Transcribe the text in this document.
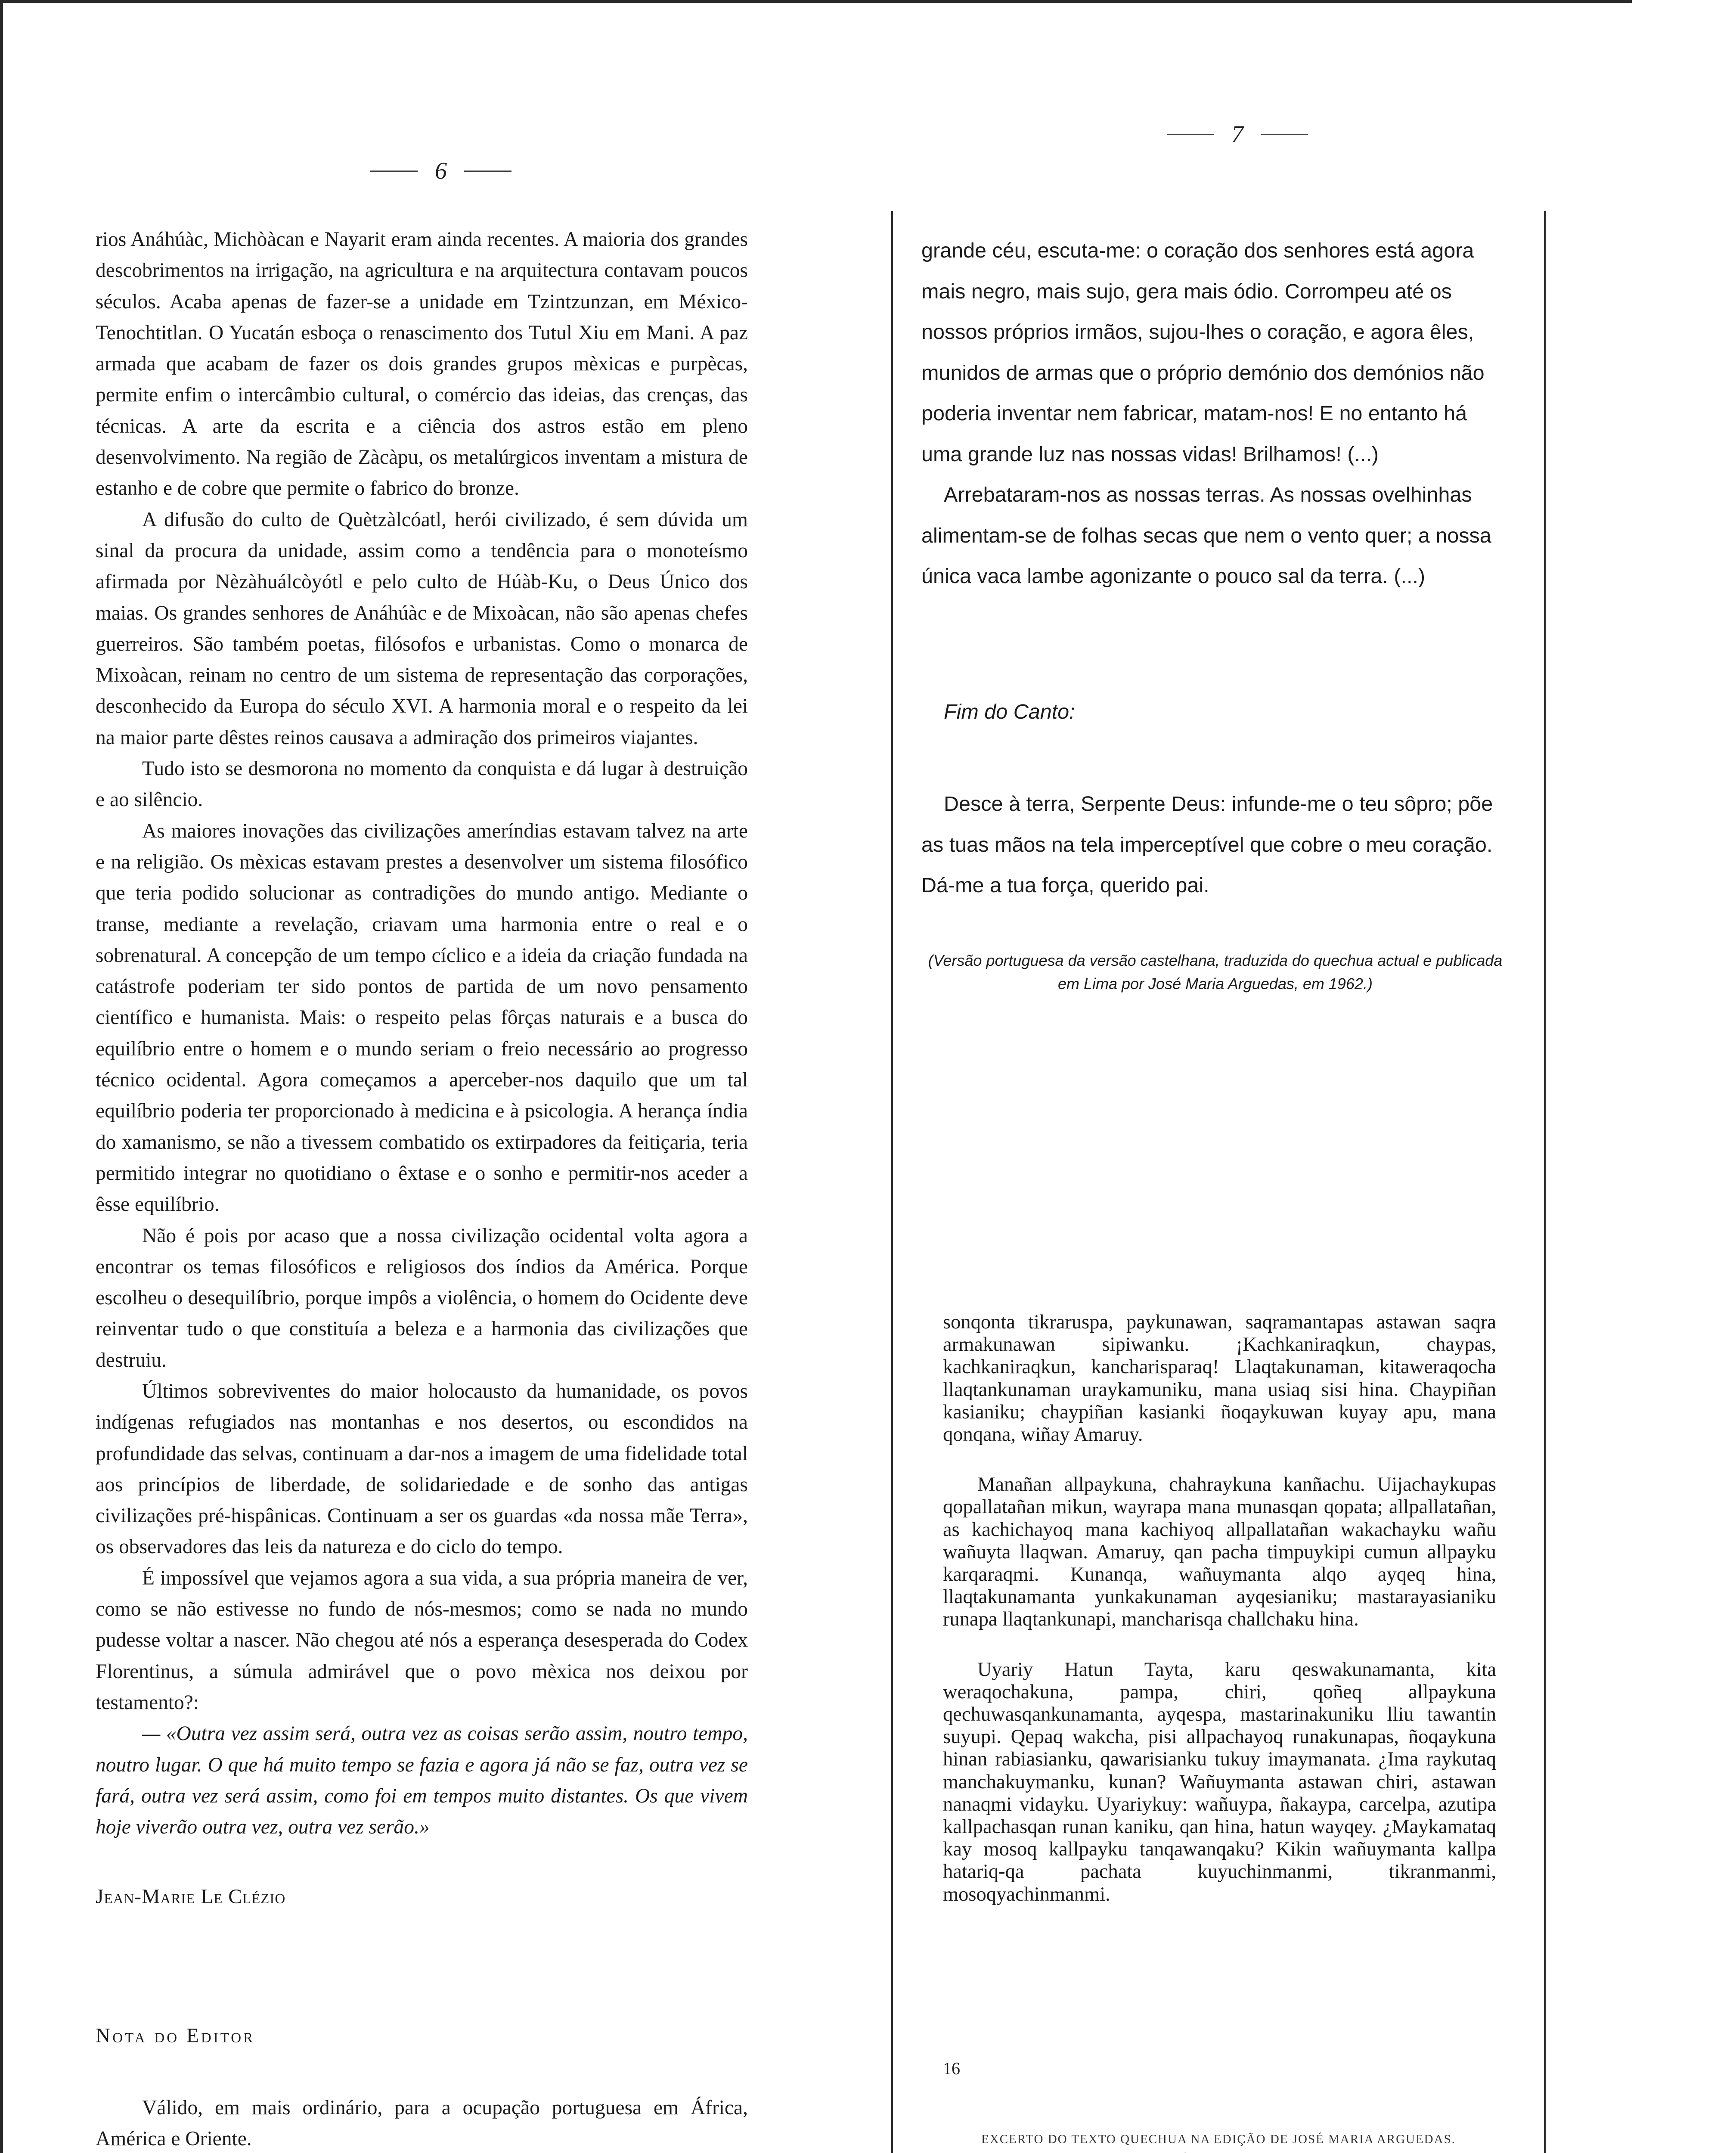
6

rios Anáhúàc, Michòàcan e Nayarit eram ainda recentes. A maioria dos grandes descobrimentos na irrigação, na agricultura e na arquitectura contavam poucos séculos. Acaba apenas de fazer-se a unidade em Tzintzunzan, em México-Tenochtitlan. O Yucatán esboça o renascimento dos Tutul Xiu em Mani. A paz armada que acabam de fazer os dois grandes grupos mèxicas e purpècas, permite enfim o intercâmbio cultural, o comércio das ideias, das crenças, das técnicas. A arte da escrita e a ciência dos astros estão em pleno desenvolvimento. Na região de Zàcàpu, os metalúrgicos inventam a mistura de estanho e de cobre que permite o fabrico do bronze.

A difusão do culto de Quètzàlcóatl, herói civilizado, é sem dúvida um sinal da procura da unidade, assim como a tendência para o monoteísmo afirmada por Nèzàhuálcòyótl e pelo culto de Húàb-Ku, o Deus Único dos maias. Os grandes senhores de Anáhúàc e de Mixoàcan, não são apenas chefes guerreiros. São também poetas, filósofos e urbanistas. Como o monarca de Mixoàcan, reinam no centro de um sistema de representação das corporações, desconhecido da Europa do século XVI. A harmonia moral e o respeito da lei na maior parte dêstes reinos causava a admiração dos primeiros viajantes.

Tudo isto se desmorona no momento da conquista e dá lugar à destruição e ao silêncio.

As maiores inovações das civilizações ameríndias estavam talvez na arte e na religião. Os mèxicas estavam prestes a desenvolver um sistema filosófico que teria podido solucionar as contradições do mundo antigo. Mediante o transe, mediante a revelação, criavam uma harmonia entre o real e o sobrenatural. A concepção de um tempo cíclico e a ideia da criação fundada na catástrofe poderiam ter sido pontos de partida de um novo pensamento científico e humanista. Mais: o respeito pelas fôrças naturais e a busca do equilíbrio entre o homem e o mundo seriam o freio necessário ao progresso técnico ocidental. Agora começamos a aperceber-nos daquilo que um tal equilíbrio poderia ter proporcionado à medicina e à psicologia. A herança índia do xamanismo, se não a tivessem combatido os extirpadores da feitiçaria, teria permitido integrar no quotidiano o êxtase e o sonho e permitir-nos aceder a êsse equilíbrio.

Não é pois por acaso que a nossa civilização ocidental volta agora a encontrar os temas filosóficos e religiosos dos índios da América. Porque escolheu o desequilíbrio, porque impôs a violência, o homem do Ocidente deve reinventar tudo o que constituía a beleza e a harmonia das civilizações que destruiu.

Últimos sobreviventes do maior holocausto da humanidade, os povos indígenas refugiados nas montanhas e nos desertos, ou escondidos na profundidade das selvas, continuam a dar-nos a imagem de uma fidelidade total aos princípios de liberdade, de solidariedade e de sonho das antigas civilizações pré-hispânicas. Continuam a ser os guardas «da nossa mãe Terra», os observadores das leis da natureza e do ciclo do tempo.

É impossível que vejamos agora a sua vida, a sua própria maneira de ver, como se não estivesse no fundo de nós-mesmos; como se nada no mundo pudesse voltar a nascer. Não chegou até nós a esperança desesperada do Codex Florentinus, a súmula admirável que o povo mèxica nos deixou por testamento?:

— «Outra vez assim será, outra vez as coisas serão assim, noutro tempo, noutro lugar. O que há muito tempo se fazia e agora já não se faz, outra vez se fará, outra vez será assim, como foi em tempos muito distantes. Os que vivem hoje viverão outra vez, outra vez serão.»

Jean-Marie Le Clézio

Nota do Editor

Válido, em mais ordinário, para a ocupação portuguesa em África, América e Oriente.

7

grande céu, escuta-me: o coração dos senhores está agora mais negro, mais sujo, gera mais ódio. Corrompeu até os nossos próprios irmãos, sujou-lhes o coração, e agora êles, munidos de armas que o próprio demónio dos demónios não poderia inventar nem fabricar, matam-nos! E no entanto há uma grande luz nas nossas vidas! Brilhamos! (...)

Arrebataram-nos as nossas terras. As nossas ovelhinhas alimentam-se de folhas secas que nem o vento quer; a nossa única vaca lambe agonizante o pouco sal da terra. (...)

Fim do Canto:

Desce à terra, Serpente Deus: infunde-me o teu sôpro; põe as tuas mãos na tela imperceptível que cobre o meu coração. Dá-me a tua força, querido pai.

(Versão portuguesa da versão castelhana, traduzida do quechua actual e publicada em Lima por José Maria Arguedas, em 1962.)

sonqonta tikraruspa, paykunawan, saqramantapas astawan saqra armakunawan sipiwanku. ¡Kachkaniraqkun, chaypas, kachkaniraqkun, kancharisparaq! Llaqtakunaman, kitaweraqocha llaqtankunaman uraykamuniku, mana usiaq sisi hina. Chaypiñan kasianiku; chaypiñan kasianki ñoqaykuwan kuyay apu, mana qonqana, wiñay Amaruy.

Manañan allpaykuna, chahraykuna kanñachu. Uijachaykupas qopallatañan mikun, wayrapa mana munasqan qopata; allpallatañan, as kachichayoq mana kachiyoq allpallatañan wakachayku wañu wañuyta llaqwan. Amaruy, qan pacha timpuykipi cumun allpayku karqaraqmi. Kunanqa, wañuymanta alqo ayqeq hina, llaqtakunamanta yunkakunaman ayqesianiku; mastarayasianiku runapa llaqtankunapi, mancharisqa challchaku hina.

Uyariy Hatun Tayta, karu qeswakunamanta, kita weraqochakuna, pampa, chiri, qoñeq allpaykuna qechuwasqankunamanta, ayqespa, mastarinakuniku lliu tawantin suyupi. Qepaq wakcha, pisi allpachayoq runakunapas, ñoqaykuna hinan rabiasianku, qawarisianku tukuy imaymanata. ¿Ima raykutaq manchakuymanku, kunan? Wañuymanta astawan chiri, astawan nanaqmi vidayku. Uyariykuy: wañuypa, ñakaypa, carcelpa, azutipa kallpachasqan runan kaniku, qan hina, hatun wayqey. ¿Maykamataq kay mosoq kallpayku tanqawanqaku? Kikin wañuymanta kallpa hatariq-qa pachata kuyuchinmanmi, tikranmanmi, mosoqyachinmanmi.

16
EXCERTO DO TEXTO QUECHUA NA EDIÇÃO DE JOSÉ MARIA ARGUEDAS.
